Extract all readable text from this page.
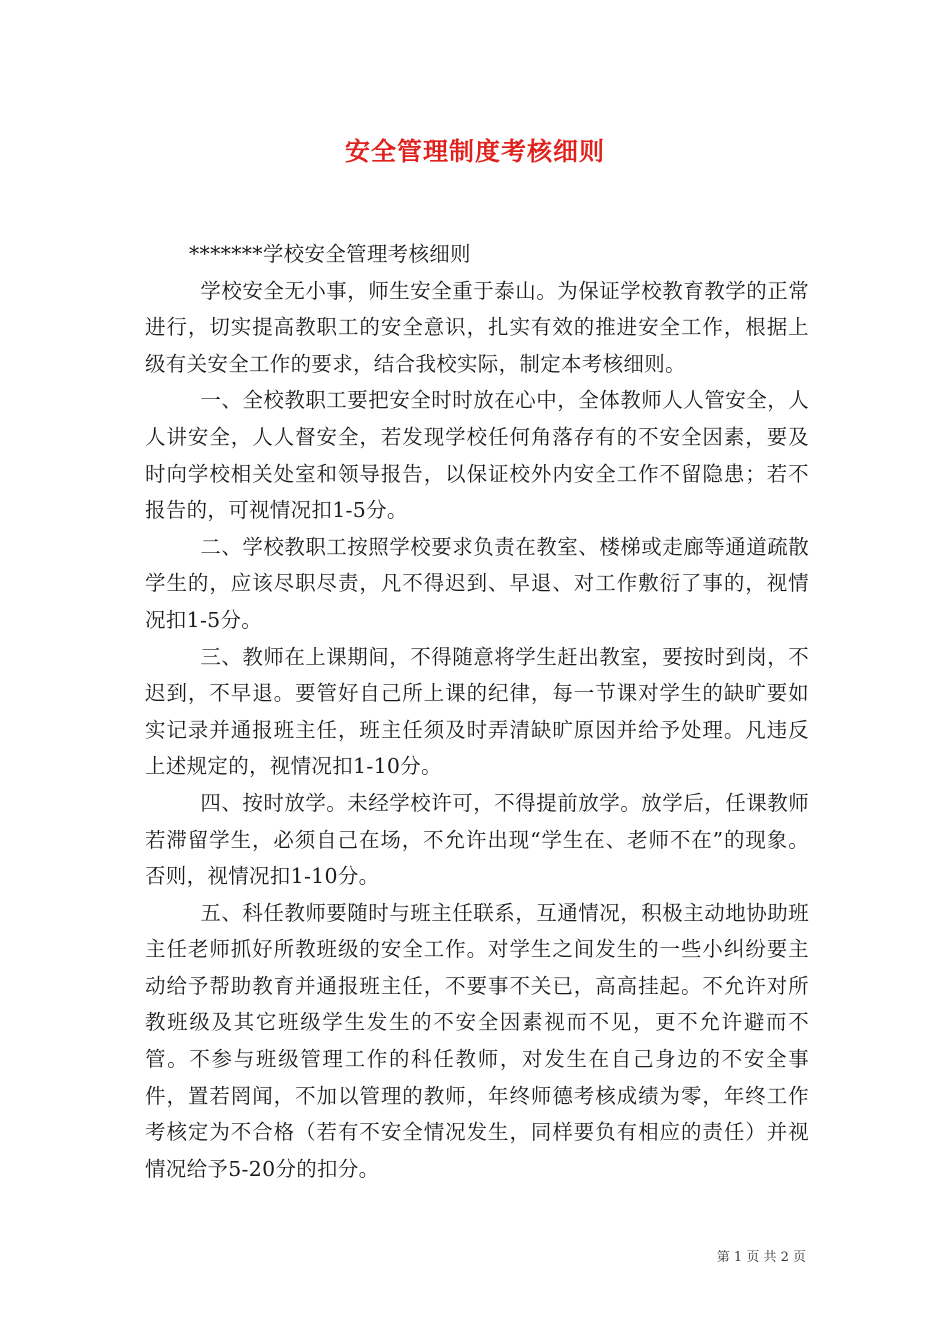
安全管理制度考核细则

*******学校安全管理考核细则

学校安全无小事，师生安全重于泰山。为保证学校教育教学的正常进行，切实提高教职工的安全意识，扎实有效的推进安全工作，根据上级有关安全工作的要求，结合我校实际，制定本考核细则。

一、全校教职工要把安全时时放在心中，全体教师人人管安全，人人讲安全，人人督安全，若发现学校任何角落存有的不安全因素，要及时向学校相关处室和领导报告，以保证校外内安全工作不留隐患；若不报告的，可视情况扣1-5分。

二、学校教职工按照学校要求负责在教室、楼梯或走廊等通道疏散学生的，应该尽职尽责，凡不得迟到、早退、对工作敷衍了事的，视情况扣1-5分。

三、教师在上课期间，不得随意将学生赶出教室，要按时到岗，不迟到，不早退。要管好自己所上课的纪律，每一节课对学生的缺旷要如实记录并通报班主任，班主任须及时弄清缺旷原因并给予处理。凡违反上述规定的，视情况扣1-10分。

四、按时放学。未经学校许可，不得提前放学。放学后，任课教师若滞留学生，必须自己在场，不允许出现“学生在、老师不在”的现象。否则，视情况扣1-10分。

五、科任教师要随时与班主任联系，互通情况，积极主动地协助班主任老师抓好所教班级的安全工作。对学生之间发生的一些小纠纷要主动给予帮助教育并通报班主任，不要事不关已，高高挂起。不允许对所教班级及其它班级学生发生的不安全因素视而不见，更不允许避而不管。不参与班级管理工作的科任教师，对发生在自己身边的不安全事件，置若罔闻，不加以管理的教师，年终师德考核成绩为零，年终工作考核定为不合格（若有不安全情况发生，同样要负有相应的责任）并视情况给予5-20分的扣分。

第 1 页 共 2 页
